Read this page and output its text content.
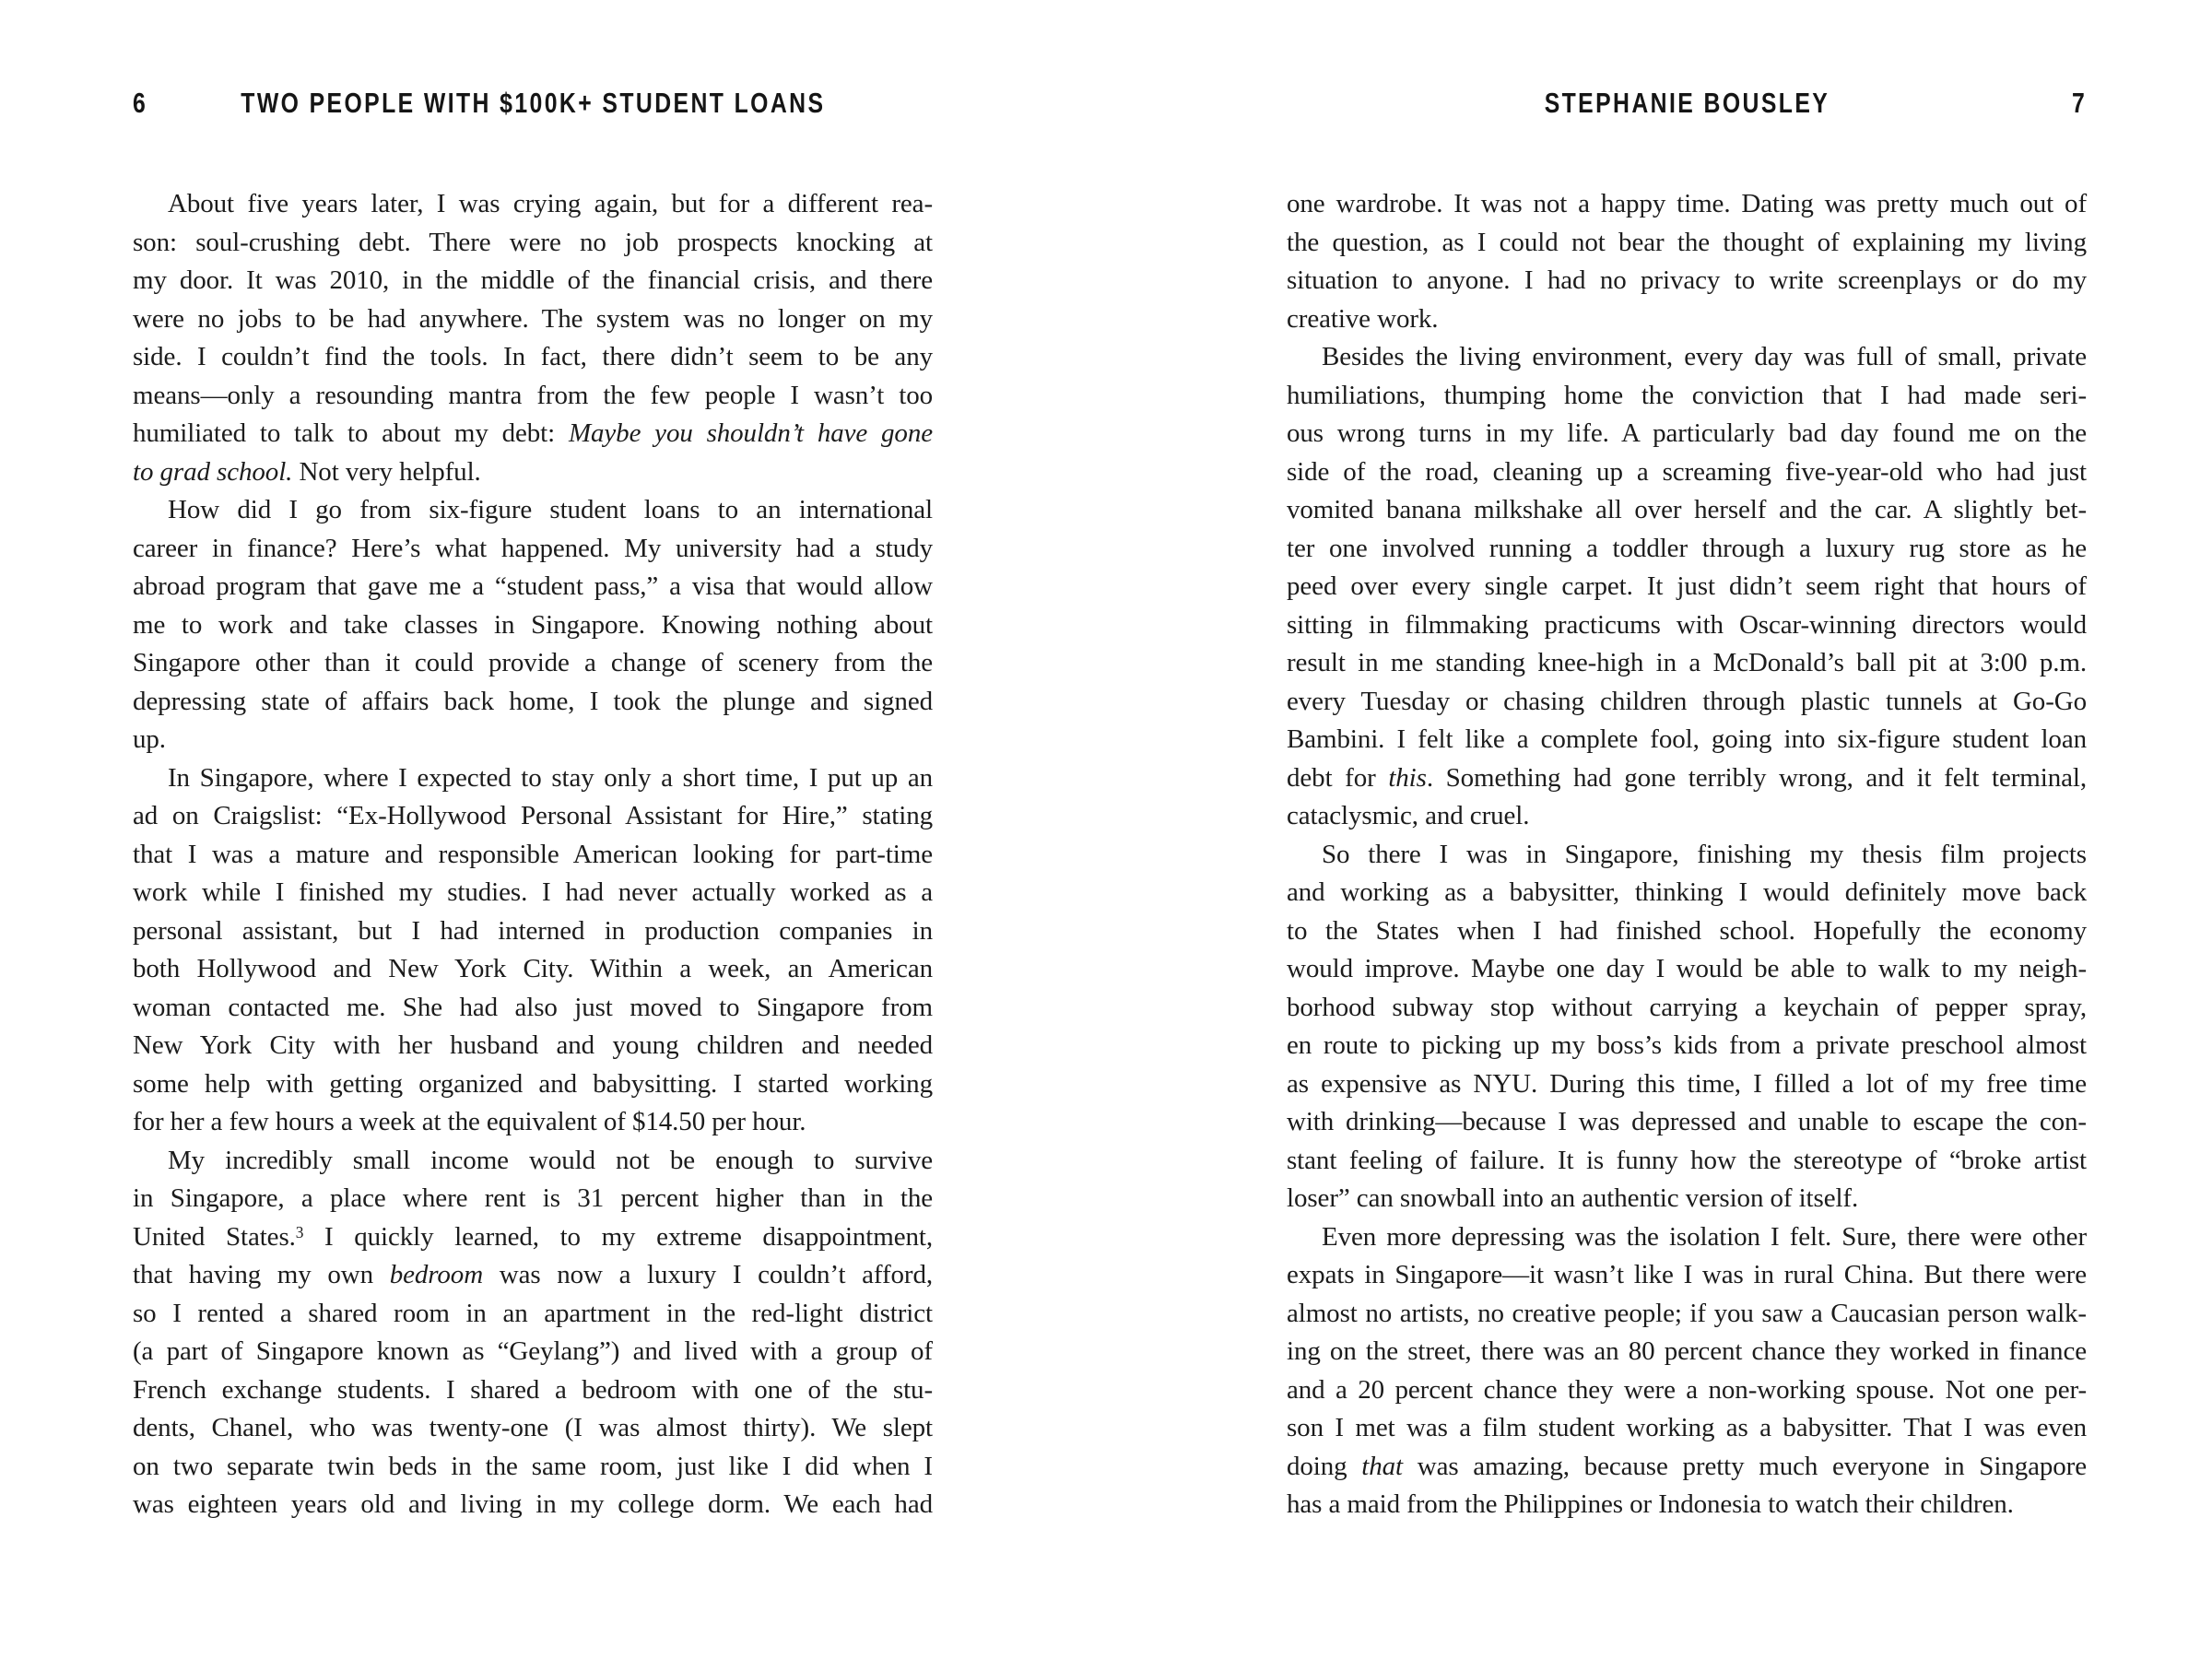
6	TWO PEOPLE WITH $100K+ STUDENT LOANS	STEPHANIE BOUSLEY	7
About five years later, I was crying again, but for a different rea-
son: soul-crushing debt. There were no job prospects knocking at
my door. It was 2010, in the middle of the financial crisis, and there
were no jobs to be had anywhere. The system was no longer on my
side. I couldn’t find the tools. In fact, there didn’t seem to be any
means—only a resounding mantra from the few people I wasn’t too
humiliated to talk to about my debt: Maybe you shouldn’t have gone
to grad school. Not very helpful.
How did I go from six-figure student loans to an international
career in finance? Here’s what happened. My university had a study
abroad program that gave me a “student pass,” a visa that would allow
me to work and take classes in Singapore. Knowing nothing about
Singapore other than it could provide a change of scenery from the
depressing state of affairs back home, I took the plunge and signed
up.
In Singapore, where I expected to stay only a short time, I put up an
ad on Craigslist: “Ex-Hollywood Personal Assistant for Hire,” stating
that I was a mature and responsible American looking for part-time
work while I finished my studies. I had never actually worked as a
personal assistant, but I had interned in production companies in
both Hollywood and New York City. Within a week, an American
woman contacted me. She had also just moved to Singapore from
New York City with her husband and young children and needed
some help with getting organized and babysitting. I started working
for her a few hours a week at the equivalent of $14.50 per hour.
My incredibly small income would not be enough to survive
in Singapore, a place where rent is 31 percent higher than in the
United States.$^3$ I quickly learned, to my extreme disappointment,
that having my own bedroom was now a luxury I couldn’t afford,
so I rented a shared room in an apartment in the red-light district
(a part of Singapore known as “Geylang”) and lived with a group of
French exchange students. I shared a bedroom with one of the stu-
dents, Chanel, who was twenty-one (I was almost thirty). We slept
on two separate twin beds in the same room, just like I did when I
was eighteen years old and living in my college dorm. We each had
one wardrobe. It was not a happy time. Dating was pretty much out of
the question, as I could not bear the thought of explaining my living
situation to anyone. I had no privacy to write screenplays or do my
creative work.
Besides the living environment, every day was full of small, private
humiliations, thumping home the conviction that I had made seri-
ous wrong turns in my life. A particularly bad day found me on the
side of the road, cleaning up a screaming five-year-old who had just
vomited banana milkshake all over herself and the car. A slightly bet-
ter one involved running a toddler through a luxury rug store as he
peed over every single carpet. It just didn’t seem right that hours of
sitting in filmmaking practicums with Oscar-winning directors would
result in me standing knee-high in a McDonald’s ball pit at 3:00 p.m.
every Tuesday or chasing children through plastic tunnels at Go-Go
Bambini. I felt like a complete fool, going into six-figure student loan
debt for this. Something had gone terribly wrong, and it felt terminal,
cataclysmic, and cruel.
So there I was in Singapore, finishing my thesis film projects
and working as a babysitter, thinking I would definitely move back
to the States when I had finished school. Hopefully the economy
would improve. Maybe one day I would be able to walk to my neigh-
borhood subway stop without carrying a keychain of pepper spray,
en route to picking up my boss’s kids from a private preschool almost
as expensive as NYU. During this time, I filled a lot of my free time
with drinking—because I was depressed and unable to escape the con-
stant feeling of failure. It is funny how the stereotype of “broke artist
loser” can snowball into an authentic version of itself.
Even more depressing was the isolation I felt. Sure, there were other
expats in Singapore—it wasn’t like I was in rural China. But there were
almost no artists, no creative people; if you saw a Caucasian person walk-
ing on the street, there was an 80 percent chance they worked in finance
and a 20 percent chance they were a non-working spouse. Not one per-
son I met was a film student working as a babysitter. That I was even
doing that was amazing, because pretty much everyone in Singapore
has a maid from the Philippines or Indonesia to watch their children.
